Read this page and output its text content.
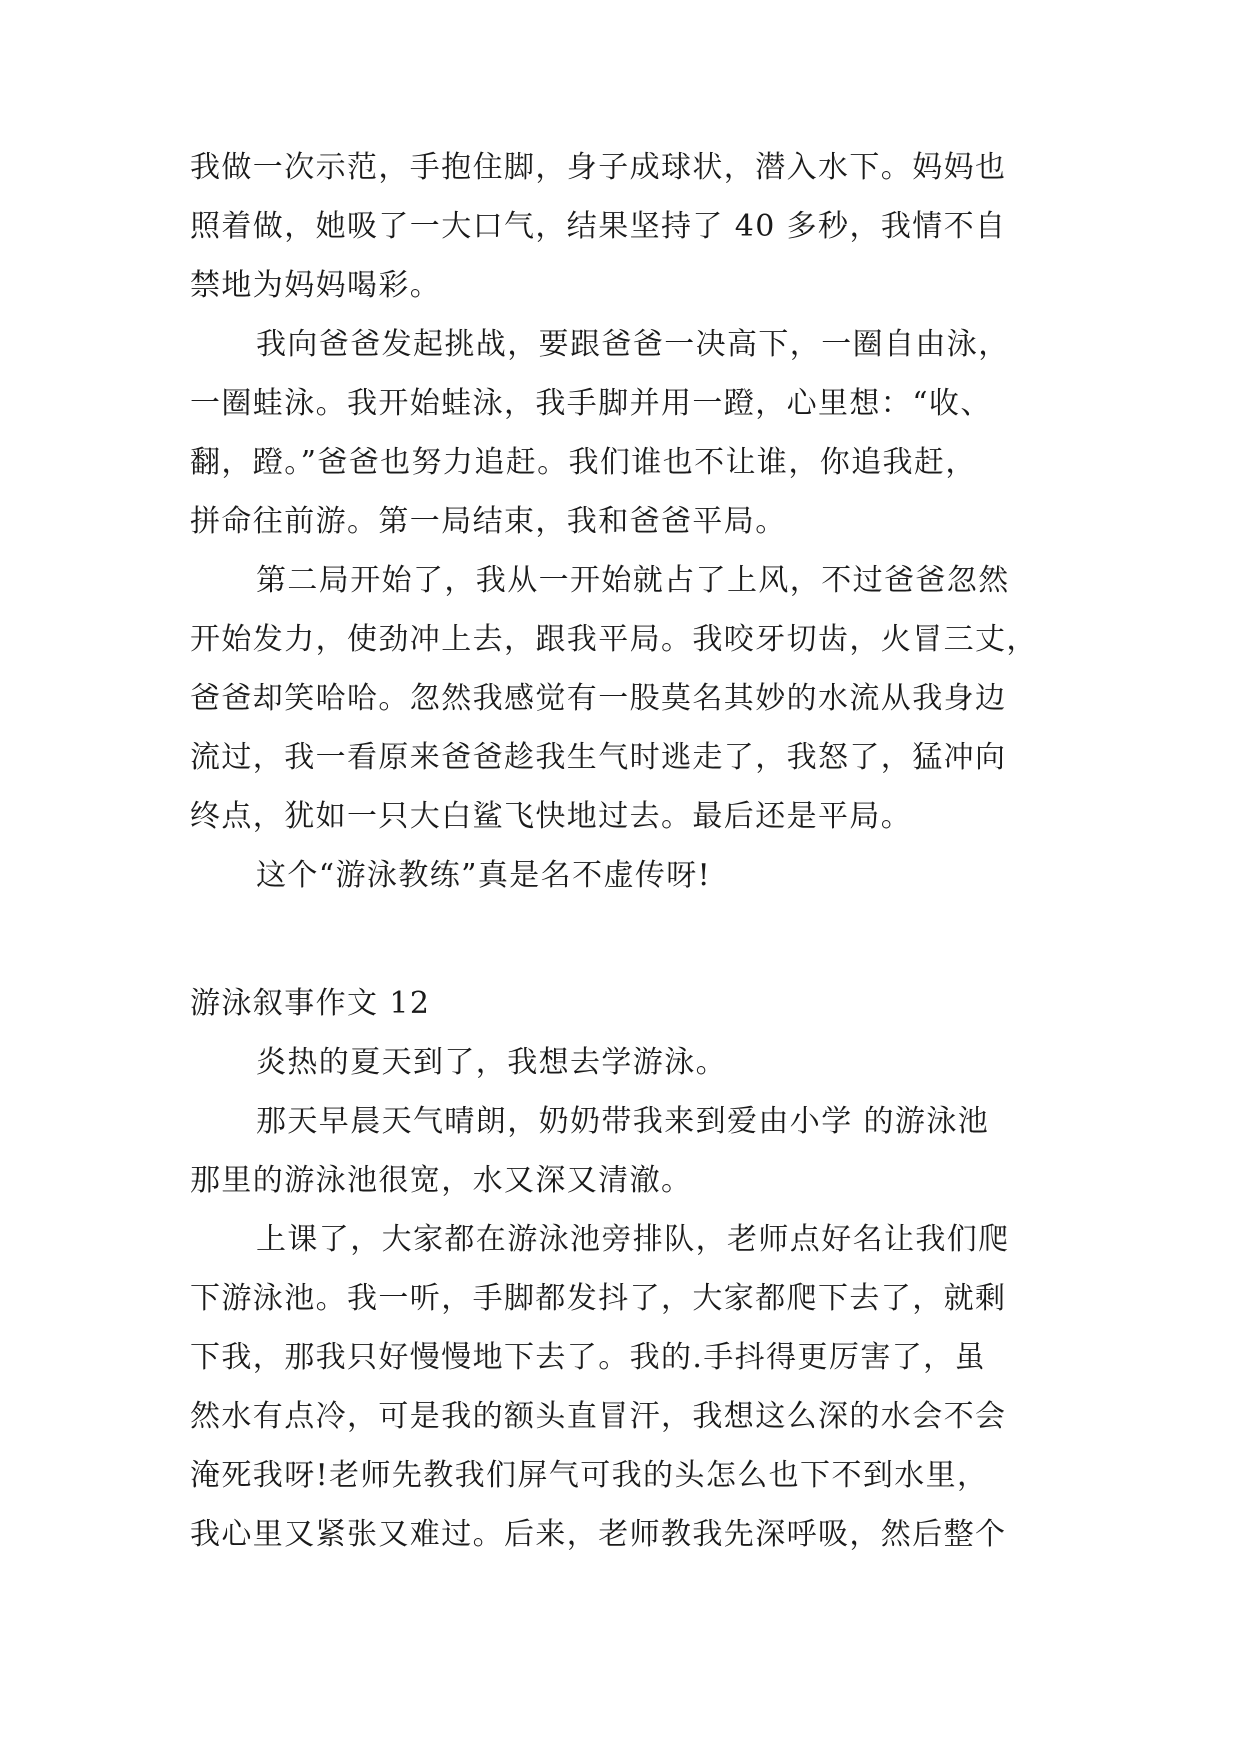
我做一次示范，手抱住脚，身子成球状，潜入水下。妈妈也
照着做，她吸了一大口气，结果坚持了 40 多秒，我情不自
禁地为妈妈喝彩。
我向爸爸发起挑战，要跟爸爸一决高下，一圈自由泳，
一圈蛙泳。我开始蛙泳，我手脚并用一蹬，心里想：“收、
翻，蹬。”爸爸也努力追赶。我们谁也不让谁，你追我赶，
拼命往前游。第一局结束，我和爸爸平局。
第二局开始了，我从一开始就占了上风，不过爸爸忽然
开始发力，使劲冲上去，跟我平局。我咬牙切齿，火冒三丈，
爸爸却笑哈哈。忽然我感觉有一股莫名其妙的水流从我身边
流过，我一看原来爸爸趁我生气时逃走了，我怒了，猛冲向
终点，犹如一只大白鲨飞快地过去。最后还是平局。
这个“游泳教练”真是名不虚传呀!
游泳叙事作文 12
炎热的夏天到了，我想去学游泳。
那天早晨天气晴朗，奶奶带我来到爱由小学 的游泳池
那里的游泳池很宽，水又深又清澈。
上课了，大家都在游泳池旁排队，老师点好名让我们爬
下游泳池。我一听，手脚都发抖了，大家都爬下去了，就剩
下我，那我只好慢慢地下去了。我的.手抖得更厉害了，虽
然水有点冷，可是我的额头直冒汗，我想这么深的水会不会
淹死我呀!老师先教我们屏气可我的头怎么也下不到水里，
我心里又紧张又难过。后来，老师教我先深呼吸，然后整个
